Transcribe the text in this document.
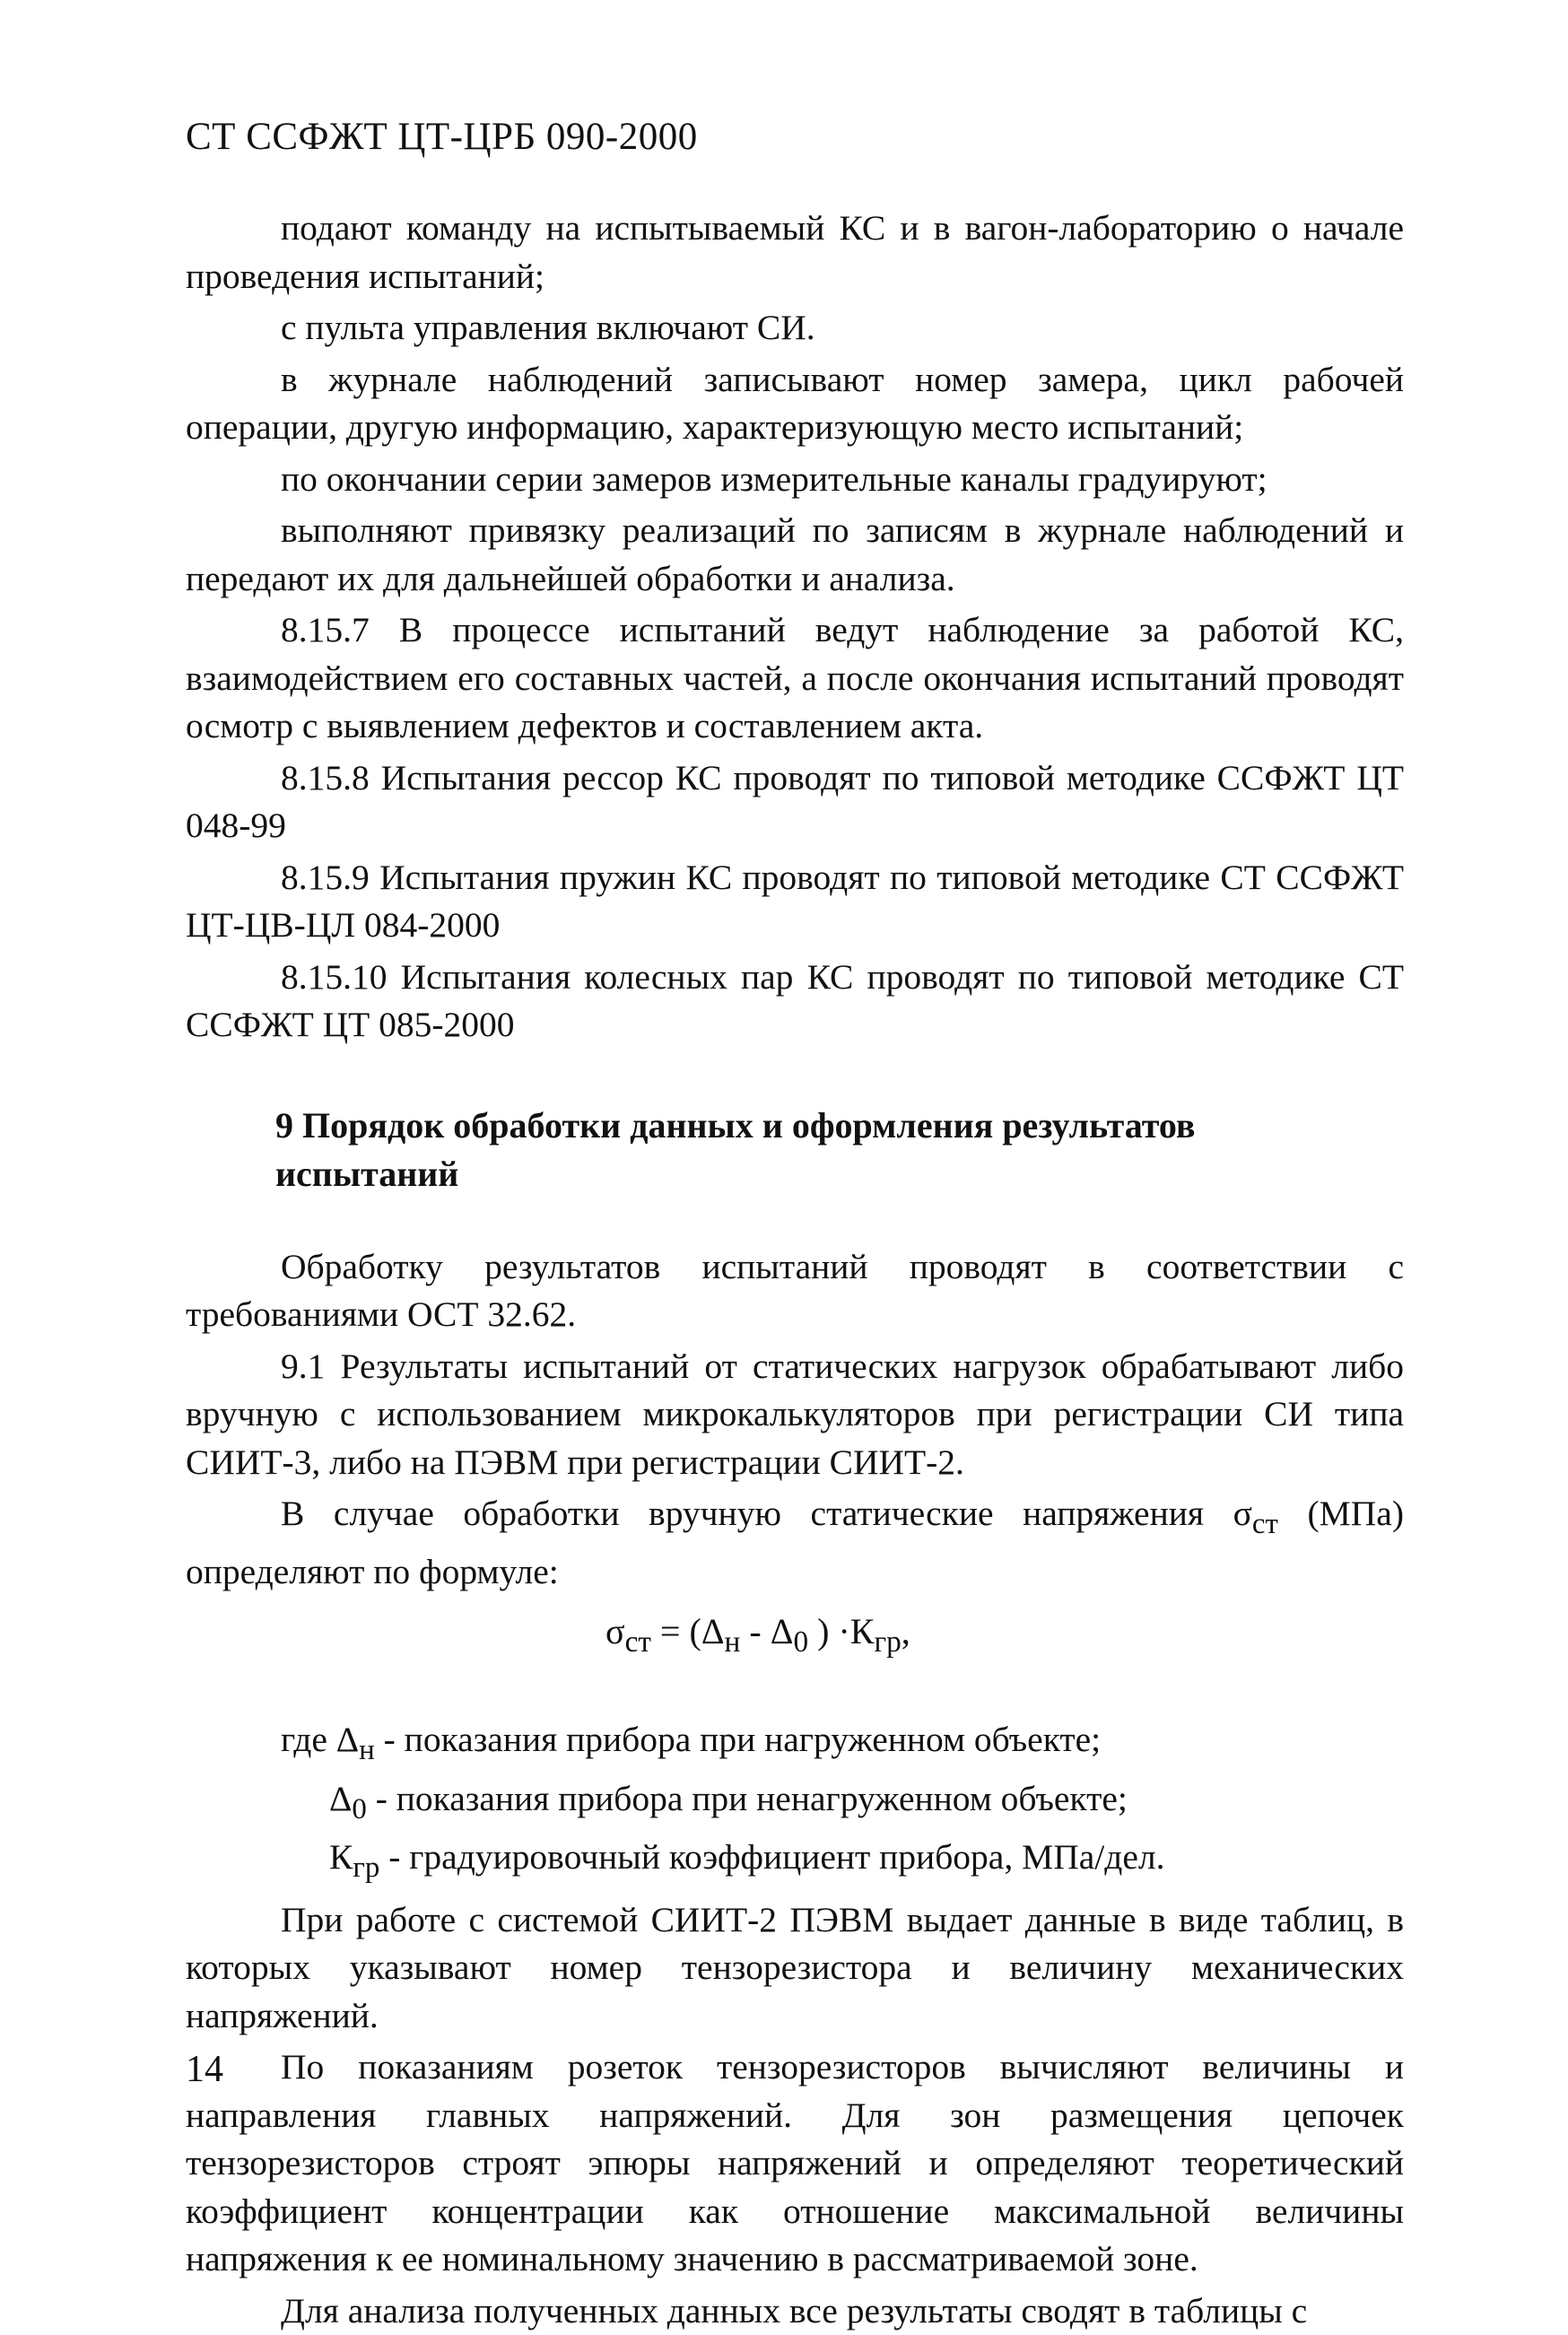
СТ ССФЖТ ЦТ-ЦРБ 090-2000

подают команду на испытываемый КС и в вагон-лабораторию о начале проведения испытаний;

с пульта управления включают СИ.

в журнале наблюдений записывают номер замера, цикл рабочей операции, другую информацию, характеризующую место испытаний;

по окончании серии замеров измерительные каналы градуируют;

выполняют привязку реализаций по записям в журнале наблюдений и передают их для дальнейшей обработки и анализа.

8.15.7 В процессе испытаний ведут наблюдение за работой КС, взаимодействием его составных частей, а после окончания испытаний проводят осмотр с выявлением дефектов и составлением акта.

8.15.8 Испытания рессор КС проводят по типовой методике ССФЖТ ЦТ 048-99

8.15.9 Испытания пружин КС проводят по типовой методике СТ ССФЖТ ЦТ-ЦВ-ЦЛ 084-2000

8.15.10 Испытания колесных пар КС проводят по типовой методике СТ ССФЖТ ЦТ 085-2000

9 Порядок обработки данных и оформления результатов испытаний

Обработку результатов испытаний проводят в соответствии с требованиями ОСТ 32.62.

9.1 Результаты испытаний от статических нагрузок обрабатывают либо вручную с использованием микрокалькуляторов при регистрации СИ типа СИИТ-3, либо на ПЭВМ при регистрации СИИТ-2.

В случае обработки вручную статические напряжения $\sigma_{ст}$ (МПа) определяют по формуле:

$\sigma_{ст} = (\Delta_н - \Delta_0$ ) $\cdot К_{гр}$,
где $\Delta_н$ - показания прибора при нагруженном объекте;
$\Delta_0$ - показания прибора при ненагруженном объекте;
$К_{гр}$ - градуировочный коэффициент прибора, МПа/дел.

При работе с системой СИИТ-2 ПЭВМ выдает данные в виде таблиц, в которых указывают номер тензорезистора и величину механических напряжений.

По показаниям розеток тензорезисторов вычисляют величины и направления главных напряжений. Для зон размещения цепочек тензорезисторов строят эпюры напряжений и определяют теоретический коэффициент концентрации как отношение максимальной величины напряжения к ее номинальному значению в рассматриваемой зоне.

Для анализа полученных данных все результаты сводят в таблицы с

14
